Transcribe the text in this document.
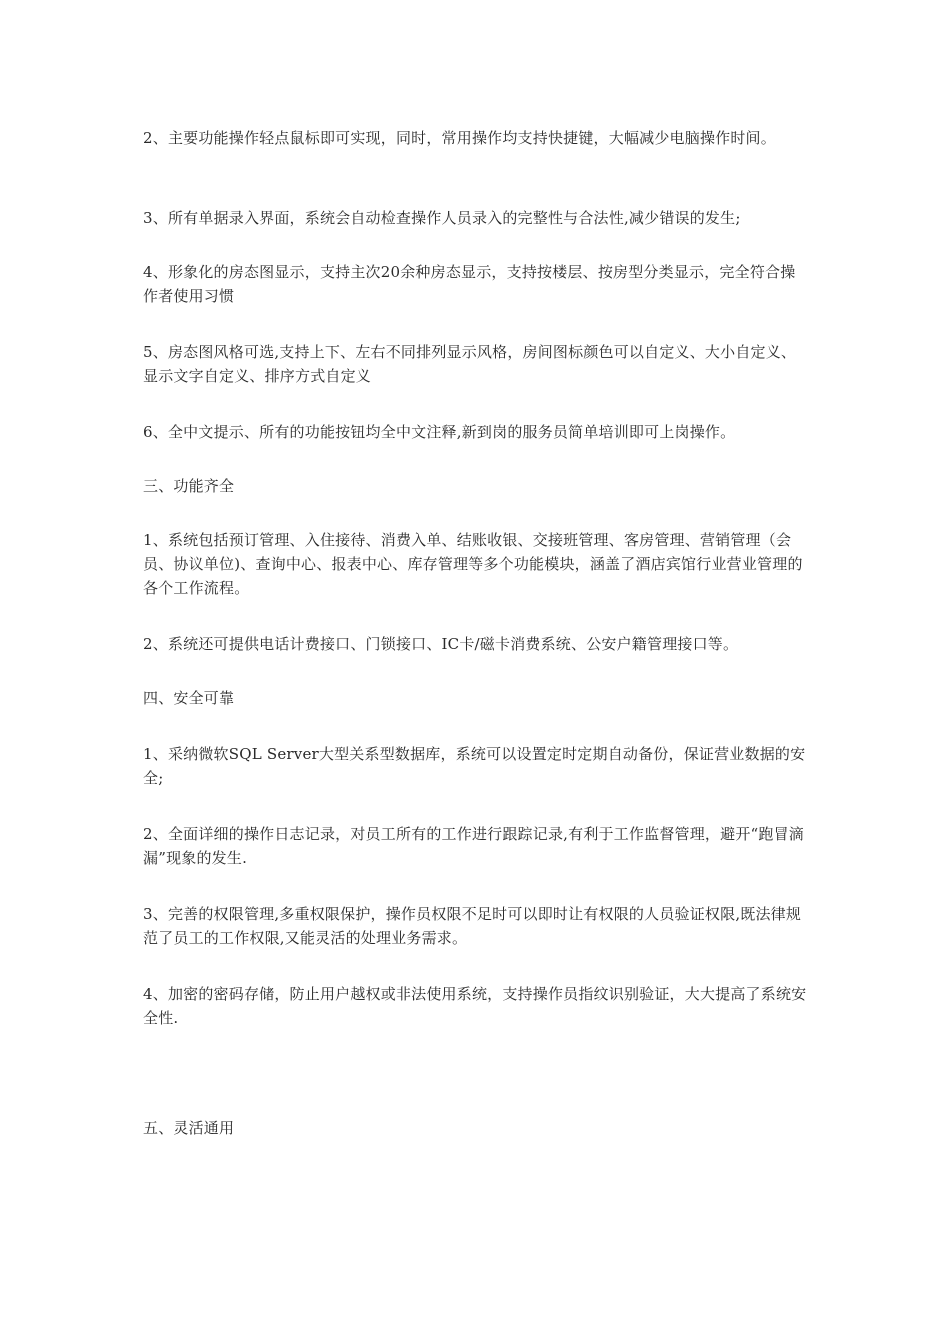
2、主要功能操作轻点鼠标即可实现，同时，常用操作均支持快捷键，大幅减少电脑操作时间。

3、所有单据录入界面，系统会自动检查操作人员录入的完整性与合法性,减少错误的发生;

4、形象化的房态图显示，支持主次20余种房态显示，支持按楼层、按房型分类显示，完全符合操作者使用习惯

5、房态图风格可选,支持上下、左右不同排列显示风格，房间图标颜色可以自定义、大小自定义、显示文字自定义、排序方式自定义

6、全中文提示、所有的功能按钮均全中文注释,新到岗的服务员简单培训即可上岗操作。

三、功能齐全

1、系统包括预订管理、入住接待、消费入单、结账收银、交接班管理、客房管理、营销管理（会员、协议单位)、查询中心、报表中心、库存管理等多个功能模块，涵盖了酒店宾馆行业营业管理的各个工作流程。

2、系统还可提供电话计费接口、门锁接口、IC卡/磁卡消费系统、公安户籍管理接口等。

四、安全可靠

1、采纳微软SQL Server大型关系型数据库，系统可以设置定时定期自动备份，保证营业数据的安全;

2、全面详细的操作日志记录，对员工所有的工作进行跟踪记录,有利于工作监督管理，避开“跑冒滴漏”现象的发生.

3、完善的权限管理,多重权限保护，操作员权限不足时可以即时让有权限的人员验证权限,既法律规范了员工的工作权限,又能灵活的处理业务需求。

4、加密的密码存储，防止用户越权或非法使用系统，支持操作员指纹识别验证，大大提高了系统安全性.

五、灵活通用
